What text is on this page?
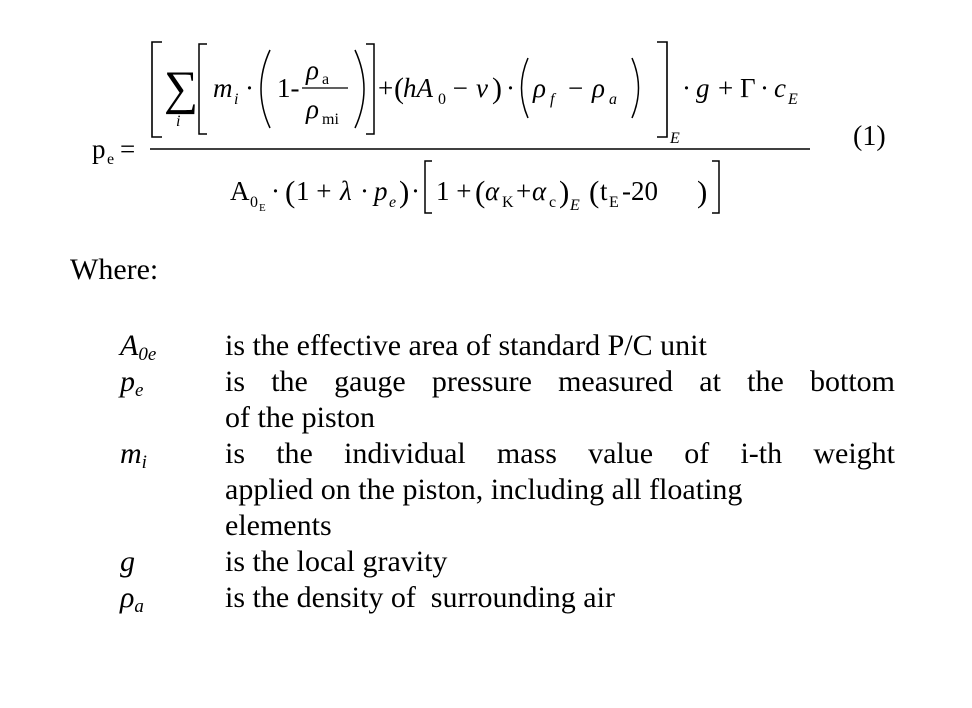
p e =	E
∑
i
m i · 1-
ρ a
ρ mi
+ ( hA 0 − v ) · ρ f − ρ a · g + Γ · c E
A 0 E
· ( 1 + λ · p e ) · 1 + ( α K + α c ) E ( t E -20 )
(1)
Where:
$A_{0e}$	is the effective area of standard P/C unit
$p_e$	is the gauge pressure measured at the bottom
of the piston
$m_i$	is the individual mass value of i-th weight
applied on the piston, including all floating
elements
g	is the local gravity
$\rho_a$	is the density of  surrounding air
